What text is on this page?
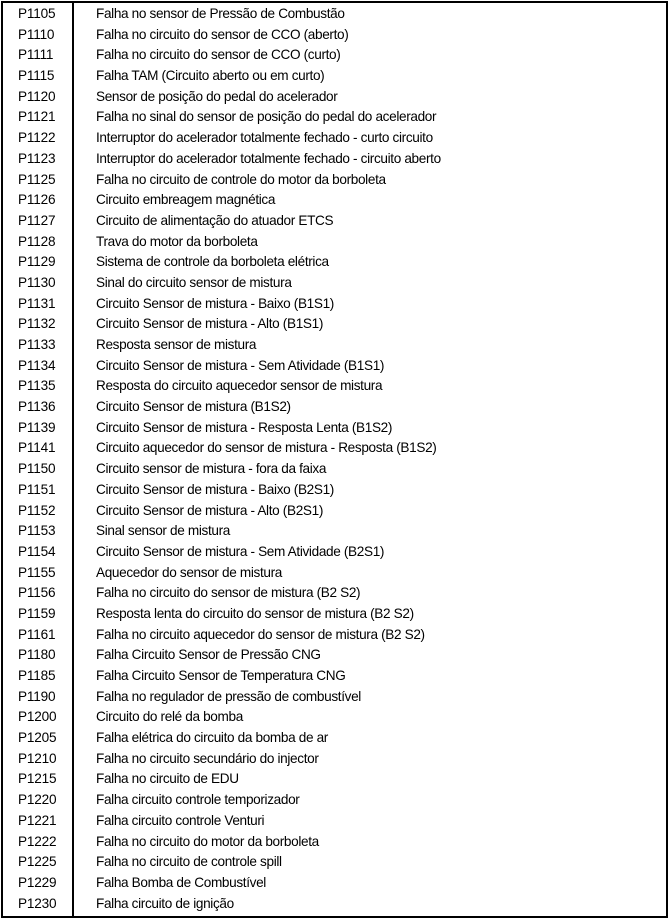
P1105	Falha no sensor de Pressão de Combustão
P1110	Falha no circuito do sensor de CCO (aberto)
P1111	Falha no circuito do sensor de CCO (curto)
P1115	Falha TAM (Circuito aberto ou em curto)
P1120	Sensor de posição do pedal do acelerador
P1121	Falha no sinal do sensor de posição do pedal do acelerador
P1122	Interruptor do acelerador totalmente fechado - curto circuito
P1123	Interruptor do acelerador totalmente fechado - circuito aberto
P1125	Falha no circuito de controle do motor da borboleta
P1126	Circuito embreagem magnética
P1127	Circuito de alimentação do atuador ETCS
P1128	Trava do motor da borboleta
P1129	Sistema de controle da borboleta elétrica
P1130	Sinal do circuito sensor de mistura
P1131	Circuito Sensor de mistura - Baixo (B1S1)
P1132	Circuito Sensor de mistura - Alto (B1S1)
P1133	Resposta sensor de mistura
P1134	Circuito Sensor de mistura - Sem Atividade (B1S1)
P1135	Resposta do circuito aquecedor sensor de mistura
P1136	Circuito Sensor de mistura (B1S2)
P1139	Circuito Sensor de mistura - Resposta Lenta (B1S2)
P1141	Circuito aquecedor do sensor de mistura - Resposta (B1S2)
P1150	Circuito sensor de mistura - fora da faixa
P1151	Circuito Sensor de mistura - Baixo (B2S1)
P1152	Circuito Sensor de mistura - Alto (B2S1)
P1153	Sinal sensor de mistura
P1154	Circuito Sensor de mistura - Sem Atividade (B2S1)
P1155	Aquecedor do sensor de mistura
P1156	Falha no circuito do sensor de mistura (B2 S2)
P1159	Resposta lenta do circuito do sensor de mistura (B2 S2)
P1161	Falha no circuito aquecedor do sensor de mistura (B2 S2)
P1180	Falha Circuito Sensor de Pressão CNG
P1185	Falha Circuito Sensor de Temperatura CNG
P1190	Falha no regulador de pressão de combustível
P1200	Circuito do relé da bomba
P1205	Falha elétrica do circuito da bomba de ar
P1210	Falha no circuito secundário do injector
P1215	Falha no circuito de EDU
P1220	Falha circuito controle temporizador
P1221	Falha circuito controle Venturi
P1222	Falha no circuito do motor da borboleta
P1225	Falha no circuito de controle spill
P1229	Falha Bomba de Combustível
P1230	Falha circuito de ignição
